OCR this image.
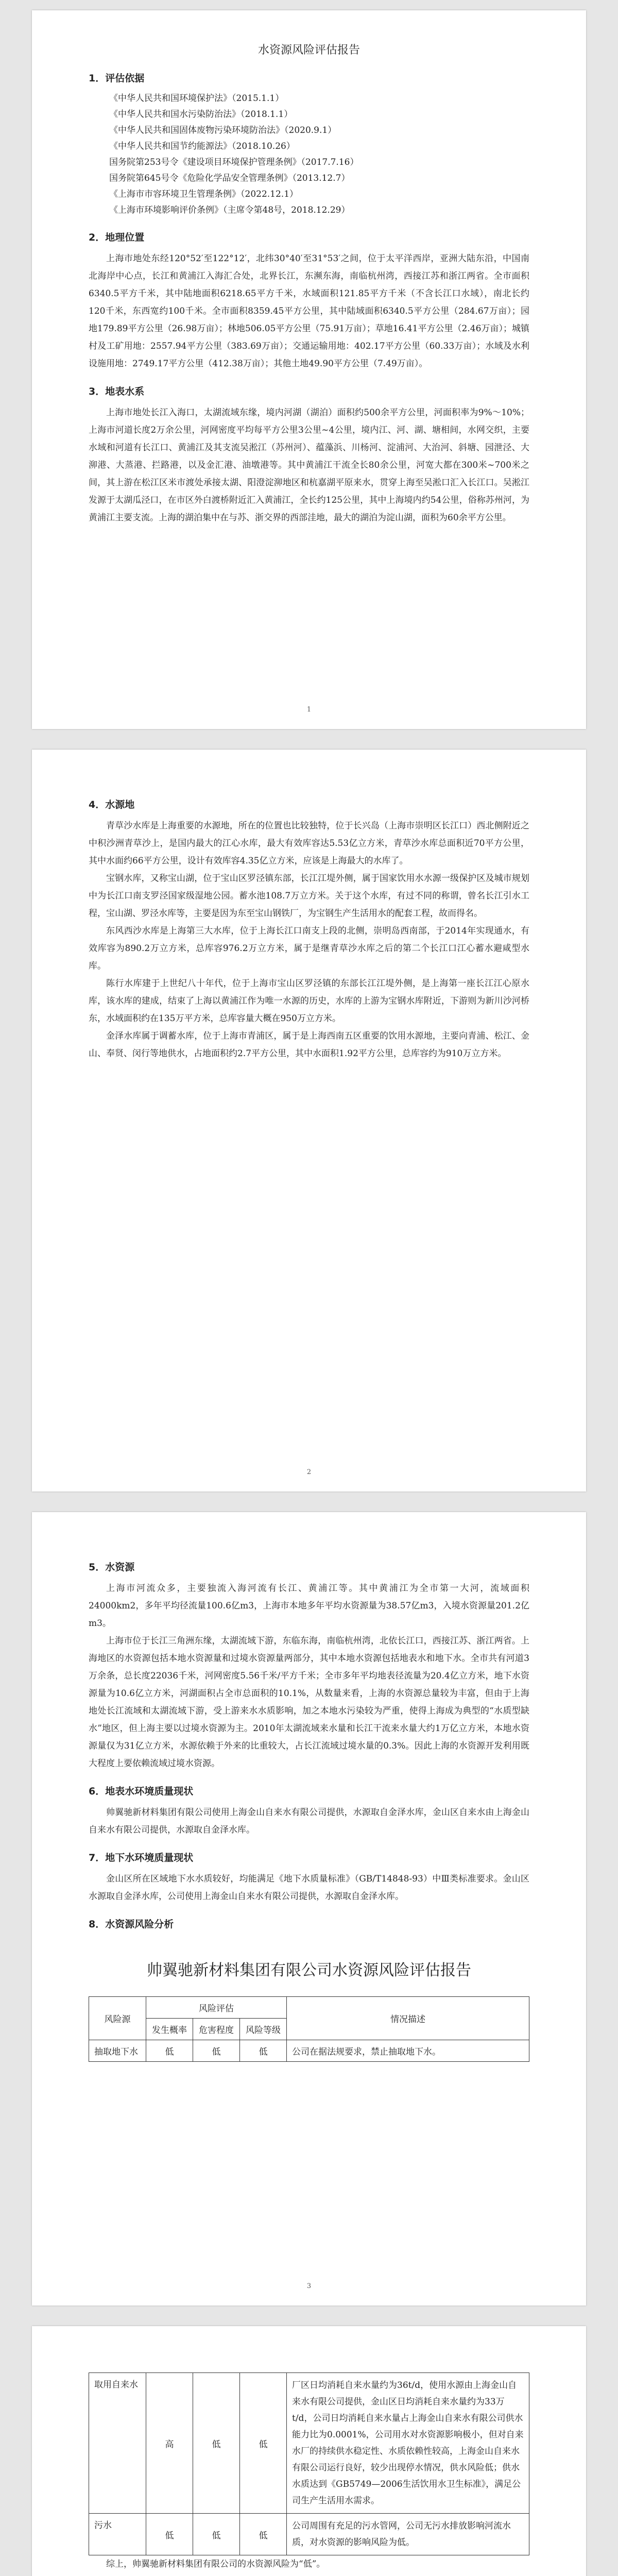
水资源风险评估报告
1．评估依据
《中华人民共和国环境保护法》（2015.1.1）
《中华人民共和国水污染防治法》（2018.1.1）
《中华人民共和国固体废物污染环境防治法》（2020.9.1）
《中华人民共和国节约能源法》（2018.10.26）
国务院第253号令《建设项目环境保护管理条例》（2017.7.16）
国务院第645号令《危险化学品安全管理条例》（2013.12.7）
《上海市市容环境卫生管理条例》（2022.12.1）
《上海市环境影响评价条例》（主席令第48号，2018.12.29）
2．地理位置

上海市地处东经120°52′至122°12′，北纬30°40′至31°53′之间，位于太平洋西岸，亚洲大陆东沿，中国南北海岸中心点，长江和黄浦江入海汇合处，北界长江，东濒东海，南临杭州湾，西接江苏和浙江两省。全市面积6340.5平方千米，其中陆地面积6218.65平方千米，水域面积121.85平方千米（不含长江口水域），南北长约120千米，东西宽约100千米。全市面积8359.45平方公里，其中陆域面积6340.5平方公里（284.67万亩）；园地179.89平方公里（26.98万亩）；林地506.05平方公里（75.91万亩）；草地16.41平方公里（2.46万亩）；城镇村及工矿用地：2557.94平方公里（383.69万亩）；交通运输用地：402.17平方公里（60.33万亩）；水域及水利设施用地：2749.17平方公里（412.38万亩）；其他土地49.90平方公里（7.49万亩）。

3．地表水系

上海市地处长江入海口，太湖流域东缘，境内河湖（湖泊）面积约500余平方公里，河面积率为9%～10%；上海市河道长度2万余公里，河网密度平均每平方公里3公里~4公里，境内江、河、湖、塘相间，水网交织，主要水域和河道有长江口、黄浦江及其支流吴淞江（苏州河）、蕴藻浜、川杨河、淀浦河、大治河、斜塘、园泄泾、大泖港、大蒸港、拦路港，以及金汇港、油墩港等。其中黄浦江干流全长80余公里，河宽大都在300米~700米之间，其上游在松江区米市渡处承接太湖、阳澄淀泖地区和杭嘉湖平原来水，贯穿上海至吴淞口汇入长江口。吴淞江发源于太湖瓜泾口，在市区外白渡桥附近汇入黄浦江，全长约125公里，其中上海境内约54公里，俗称苏州河，为黄浦江主要支流。上海的湖泊集中在与苏、浙交界的西部洼地，最大的湖泊为淀山湖，面积为60余平方公里。

1
4．水源地

青草沙水库是上海重要的水源地，所在的位置也比较独特，位于长兴岛（上海市崇明区长江口）西北侧附近之中积沙洲青草沙上，是国内最大的江心水库，最大有效库容达5.53亿立方米，青草沙水库总面积近70平方公里，其中水面约66平方公里，设计有效库容4.35亿立方米，应该是上海最大的水库了。

宝钢水库，又称宝山湖，位于宝山区罗泾镇东部，长江江堤外侧，属于国家饮用水水源一级保护区及城市规划中为长江口南支罗泾国家级湿地公园。蓄水池108.7万立方米。关于这个水库，有过不同的称谓，曾名长江引水工程，宝山湖、罗泾水库等，主要是因为东至宝山钢铁厂，为宝钢生产生活用水的配套工程，故而得名。

东风西沙水库是上海第三大水库，位于上海长江口南支上段的北侧，崇明岛西南部，于2014年实现通水，有效库容为890.2万立方米，总库容976.2万立方米，属于是继青草沙水库之后的第二个长江口江心蓄水避咸型水库。

陈行水库建于上世纪八十年代，位于上海市宝山区罗泾镇的东部长江江堤外侧，是上海第一座长江江心原水库，该水库的建成，结束了上海以黄浦江作为唯一水源的历史，水库的上游为宝钢水库附近，下游则为新川沙河桥东，水域面积约在135万平方米，总库容量大概在950万立方米。

金泽水库属于调蓄水库，位于上海市青浦区，属于是上海西南五区重要的饮用水源地，主要向青浦、松江、金山、奉贤、闵行等地供水，占地面积约2.7平方公里，其中水面积1.92平方公里，总库容约为910万立方米。

2
5．水资源

上海市河流众多，主要独流入海河流有长江、黄浦江等。其中黄浦江为全市第一大河，流域面积24000km2，多年平均径流量100.6亿m3，上海市本地多年平均水资源量为38.57亿m3，入境水资源量201.2亿m3。

上海市位于长江三角洲东缘，太湖流域下游，东临东海，南临杭州湾，北依长江口，西接江苏、浙江两省。上海地区的水资源包括本地水资源量和过境水资源量两部分，其中本地水资源包括地表水和地下水。全市共有河道3万余条，总长度22036千米，河网密度5.56千米/平方千米；全市多年平均地表径流量为20.4亿立方米，地下水资源量为10.6亿立方米，河湖面积占全市总面积的10.1%，从数量来看，上海的水资源总量较为丰富，但由于上海地处长江流域和太湖流域下游，受上游来水水质影响，加之本地水污染较为严重，使得上海成为典型的“水质型缺水”地区，但上海主要以过境水资源为主。2010年太湖流域来水量和长江干流来水量大约1万亿立方米，本地水资源量仅为31亿立方米，水源依赖于外来的比重较大，占长江流域过境水量的0.3%。因此上海的水资源开发利用既大程度上要依赖流域过境水资源。

6．地表水环境质量现状

帅翼驰新材料集团有限公司使用上海金山自来水有限公司提供，水源取自金泽水库，金山区自来水由上海金山自来水有限公司提供，水源取自金泽水库。

7．地下水环境质量现状

金山区所在区域地下水水质较好，均能满足《地下水质量标准》（GB/T14848-93）中Ⅲ类标准要求。金山区水源取自金泽水库，公司使用上海金山自来水有限公司提供，水源取自金泽水库。

8．水资源风险分析
帅翼驰新材料集团有限公司水资源风险评估报告
风险源	风险评估			情况描述
	发生概率	危害程度	风险等级	
抽取地下水	低	低	低	公司在据法规要求，禁止抽取地下水。
3
取用自来水	高	低	低	厂区日均消耗自来水量约为36t/d，使用水源由上海金山自来水有限公司提供，金山区日均消耗自来水量约为33万t/d，公司日均消耗自来水量占上海金山自来水有限公司供水能力比为0.0001%，公司用水对水资源影响极小，但对自来水厂的持续供水稳定性、水质依赖性较高，上海金山自来水有限公司运行良好，较少出现停水情况，供水风险低；供水水质达到《GB5749—2006生活饮用水卫生标准》，满足公司生产生活用水需求。
污水	低	低	低	公司周围有充足的污水管网，公司无污水排放影响河流水质，对水资源的影响风险为低。

综上，帅翼驰新材料集团有限公司的水资源风险为“低”。
